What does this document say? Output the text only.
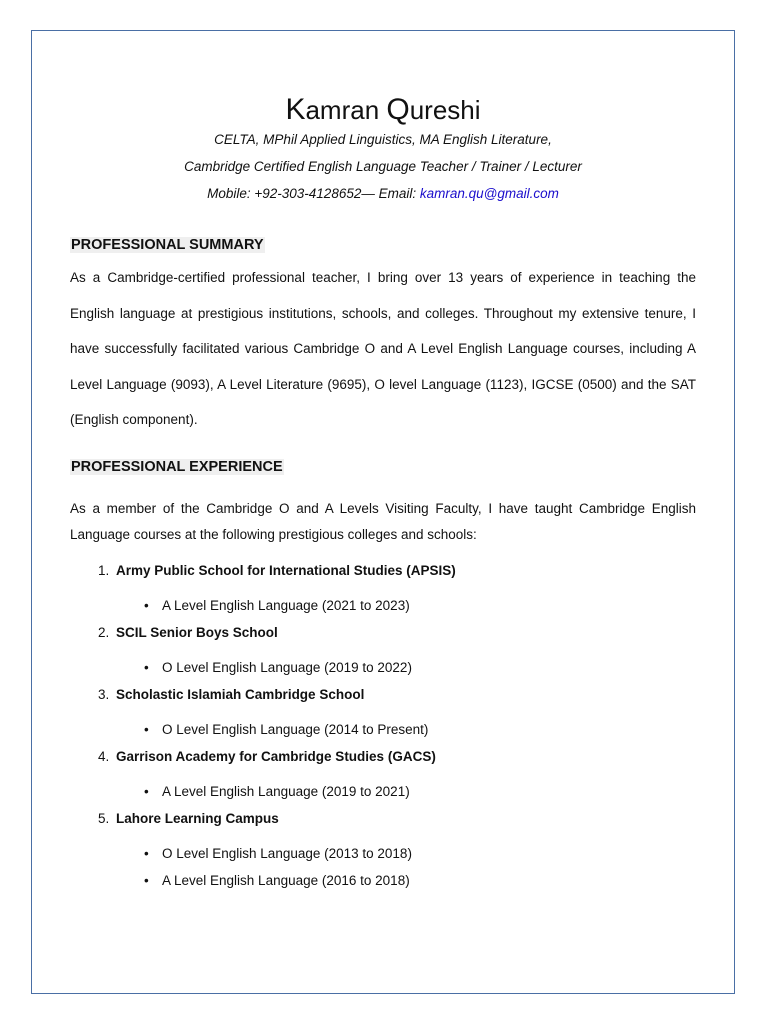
Kamran Qureshi
CELTA, MPhil Applied Linguistics, MA English Literature,
Cambridge Certified English Language Teacher / Trainer / Lecturer
Mobile: +92-303-4128652— Email: kamran.qu@gmail.com
PROFESSIONAL SUMMARY
As a Cambridge-certified professional teacher, I bring over 13 years of experience in teaching the English language at prestigious institutions, schools, and colleges. Throughout my extensive tenure, I have successfully facilitated various Cambridge O and A Level English Language courses, including A Level Language (9093), A Level Literature (9695), O level Language (1123), IGCSE (0500) and the SAT (English component).
PROFESSIONAL EXPERIENCE
As a member of the Cambridge O and A Levels Visiting Faculty, I have taught Cambridge English Language courses at the following prestigious colleges and schools:
1. Army Public School for International Studies (APSIS)
• A Level English Language (2021 to 2023)
2. SCIL Senior Boys School
• O Level English Language (2019 to 2022)
3. Scholastic Islamiah Cambridge School
• O Level English Language (2014 to Present)
4. Garrison Academy for Cambridge Studies (GACS)
• A Level English Language (2019 to 2021)
5. Lahore Learning Campus
• O Level English Language (2013 to 2018)
• A Level English Language (2016 to 2018)
